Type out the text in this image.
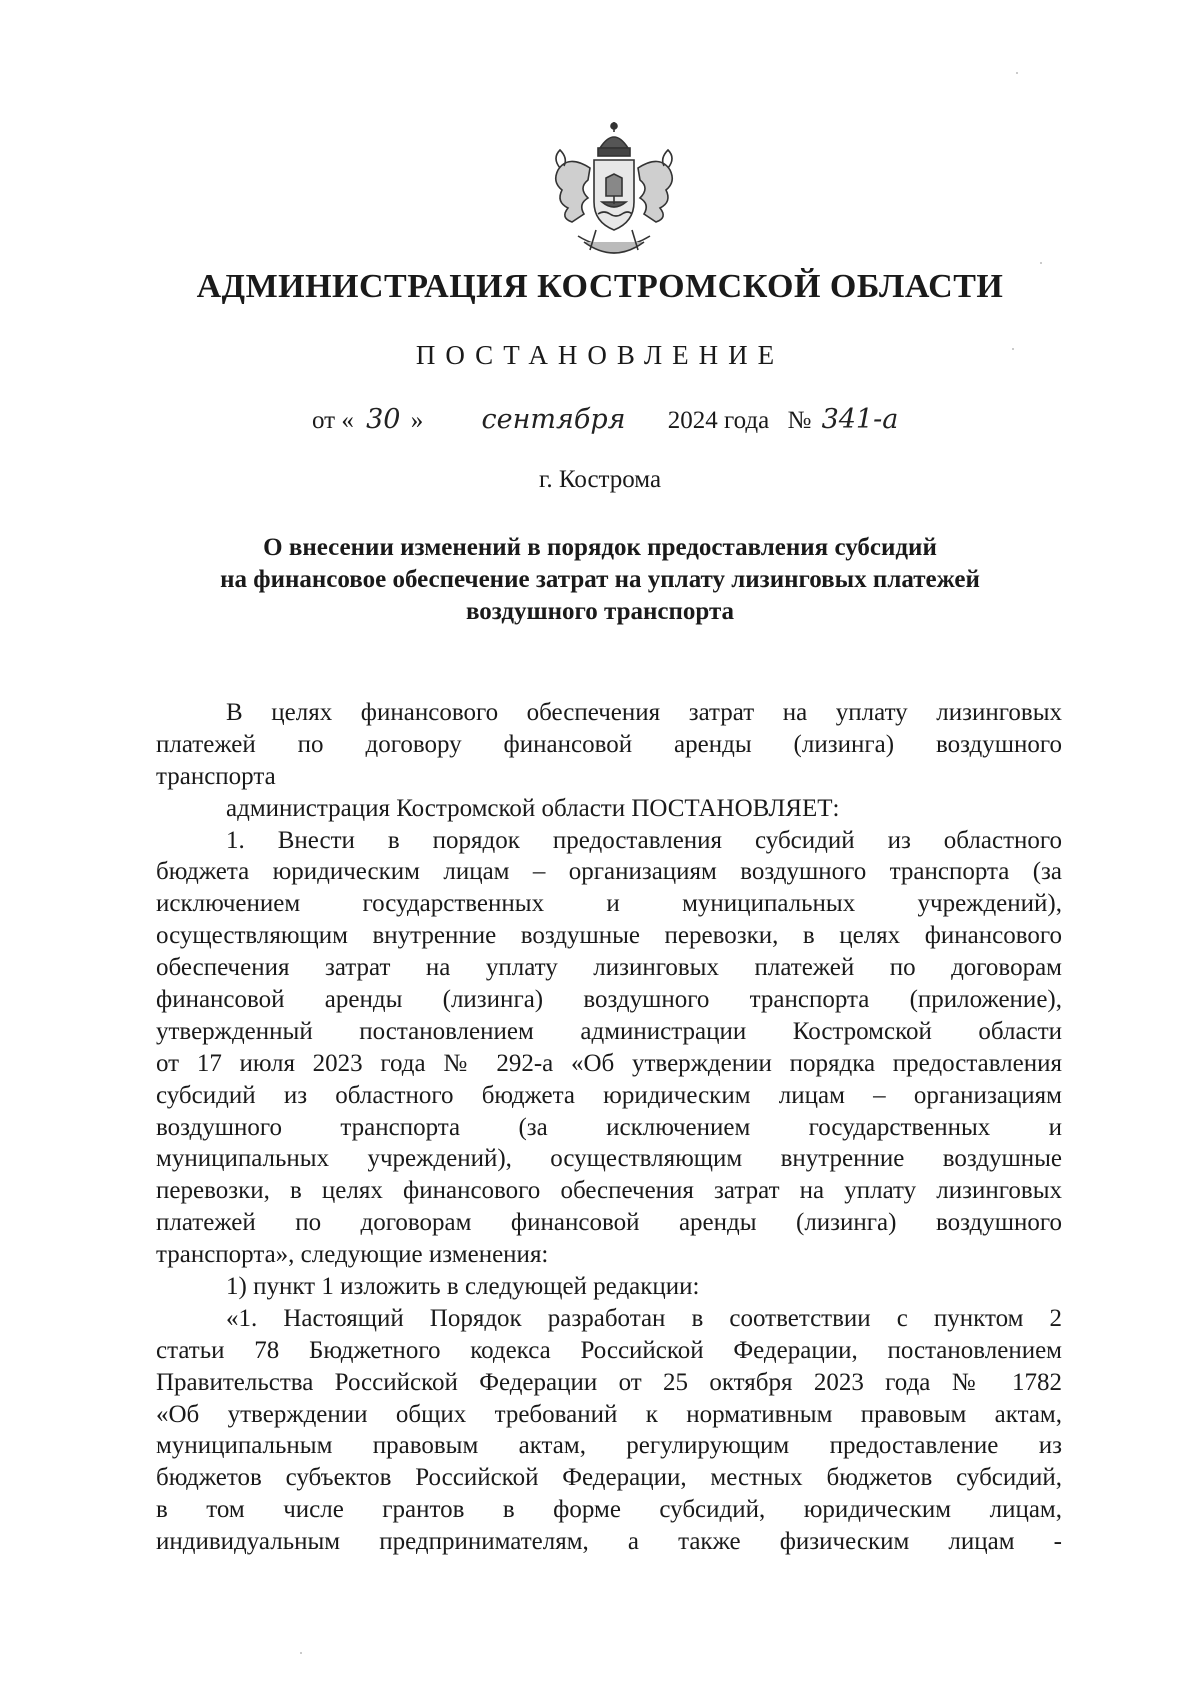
АДМИНИСТРАЦИЯ КОСТРОМСКОЙ ОБЛАСТИ
ПОСТАНОВЛЕНИЕ
от « 30 » сентября 2024 года № 341-а
г. Кострома
О внесении изменений в порядок предоставления субсидий
на финансовое обеспечение затрат на уплату лизинговых платежей
воздушного транспорта
В целях финансового обеспечения затрат на уплату лизинговых
платежей по договору финансовой аренды (лизинга) воздушного
транспорта
администрация Костромской области ПОСТАНОВЛЯЕТ:
1. Внести в порядок предоставления субсидий из областного
бюджета юридическим лицам – организациям воздушного транспорта (за
исключением государственных и муниципальных учреждений),
осуществляющим внутренние воздушные перевозки, в целях финансового
обеспечения затрат на уплату лизинговых платежей по договорам
финансовой аренды (лизинга) воздушного транспорта (приложение),
утвержденный постановлением администрации Костромской области
от 17 июля 2023 года № 292-а «Об утверждении порядка предоставления
субсидий из областного бюджета юридическим лицам – организациям
воздушного транспорта (за исключением государственных и
муниципальных учреждений), осуществляющим внутренние воздушные
перевозки, в целях финансового обеспечения затрат на уплату лизинговых
платежей по договорам финансовой аренды (лизинга) воздушного
транспорта», следующие изменения:
1) пункт 1 изложить в следующей редакции:
«1. Настоящий Порядок разработан в соответствии с пунктом 2
статьи 78 Бюджетного кодекса Российской Федерации, постановлением
Правительства Российской Федерации от 25 октября 2023 года № 1782
«Об утверждении общих требований к нормативным правовым актам,
муниципальным правовым актам, регулирующим предоставление из
бюджетов субъектов Российской Федерации, местных бюджетов субсидий,
в том числе грантов в форме субсидий, юридическим лицам,
индивидуальным предпринимателям, а также физическим лицам -
